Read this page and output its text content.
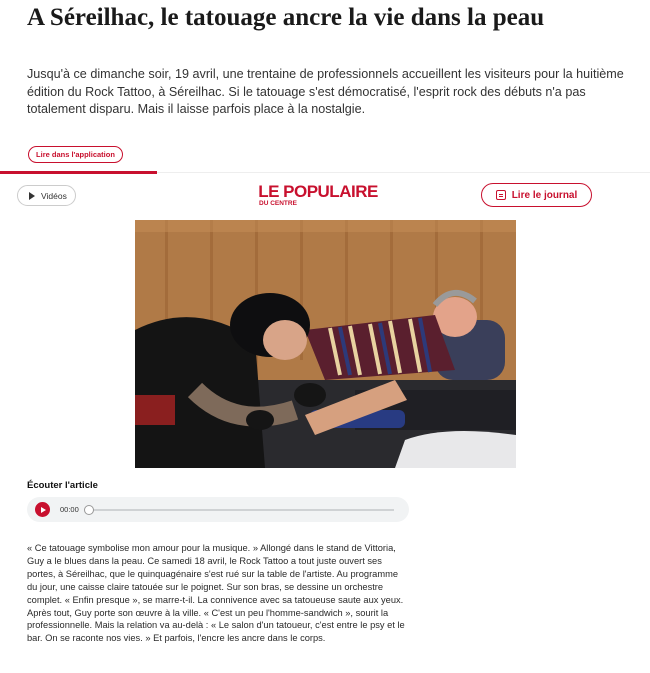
A Séreilhac, le tatouage ancre la vie dans la peau

Jusqu'à ce dimanche soir, 19 avril, une trentaine de professionnels accueillent les visiteurs pour la huitième édition du Rock Tattoo, à Séreilhac. Si le tatouage s'est démocratisé, l'esprit rock des débuts n'a pas totalement disparu. Mais il laisse parfois place à la nostalgie.

Lire dans l'application
Vidéos	LE POPULAIRE
DU CENTRE
Lire le journal
Écouter l'article
00:00

« Ce tatouage symbolise mon amour pour la musique. » Allongé dans le stand de Vittoria, Guy a le blues dans la peau. Ce samedi 18 avril, le Rock Tattoo a tout juste ouvert ses portes, à Séreilhac, que le quinquagénaire s'est rué sur la table de l'artiste. Au programme du jour, une caisse claire tatouée sur le poignet. Sur son bras, se dessine un orchestre complet. « Enfin presque », se marre-t-il. La connivence avec sa tatoueuse saute aux yeux. Après tout, Guy porte son œuvre à la ville. « C'est un peu l'homme-sandwich », sourit la professionnelle. Mais la relation va au-delà : « Le salon d'un tatoueur, c'est entre le psy et le bar. On se raconte nos vies. » Et parfois, l'encre les ancre dans le corps.
